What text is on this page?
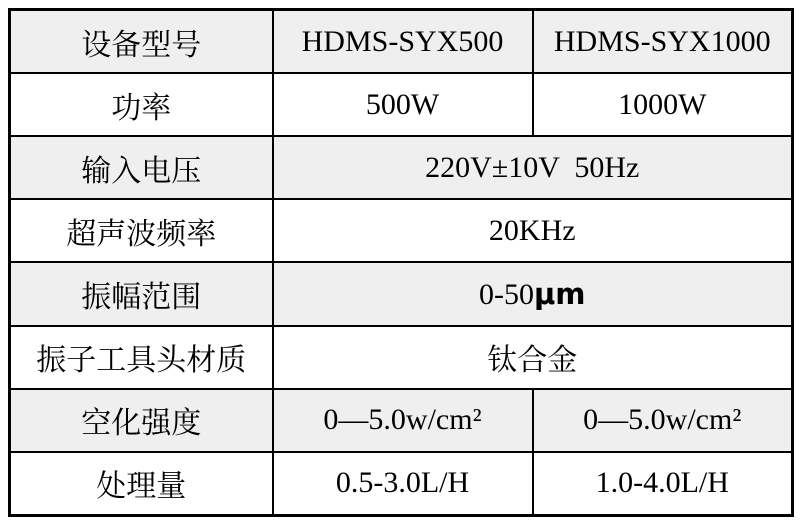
设备型号	HDMS-SYX500	HDMS-SYX1000
功率	500W	1000W
输入电压	220V±10V  50Hz	
超声波频率	20KHz	
振幅范围	0-50μm	
振子工具头材质	钛合金	
空化强度	0—5.0w/cm²	0—5.0w/cm²
处理量	0.5-3.0L/H	1.0-4.0L/H
